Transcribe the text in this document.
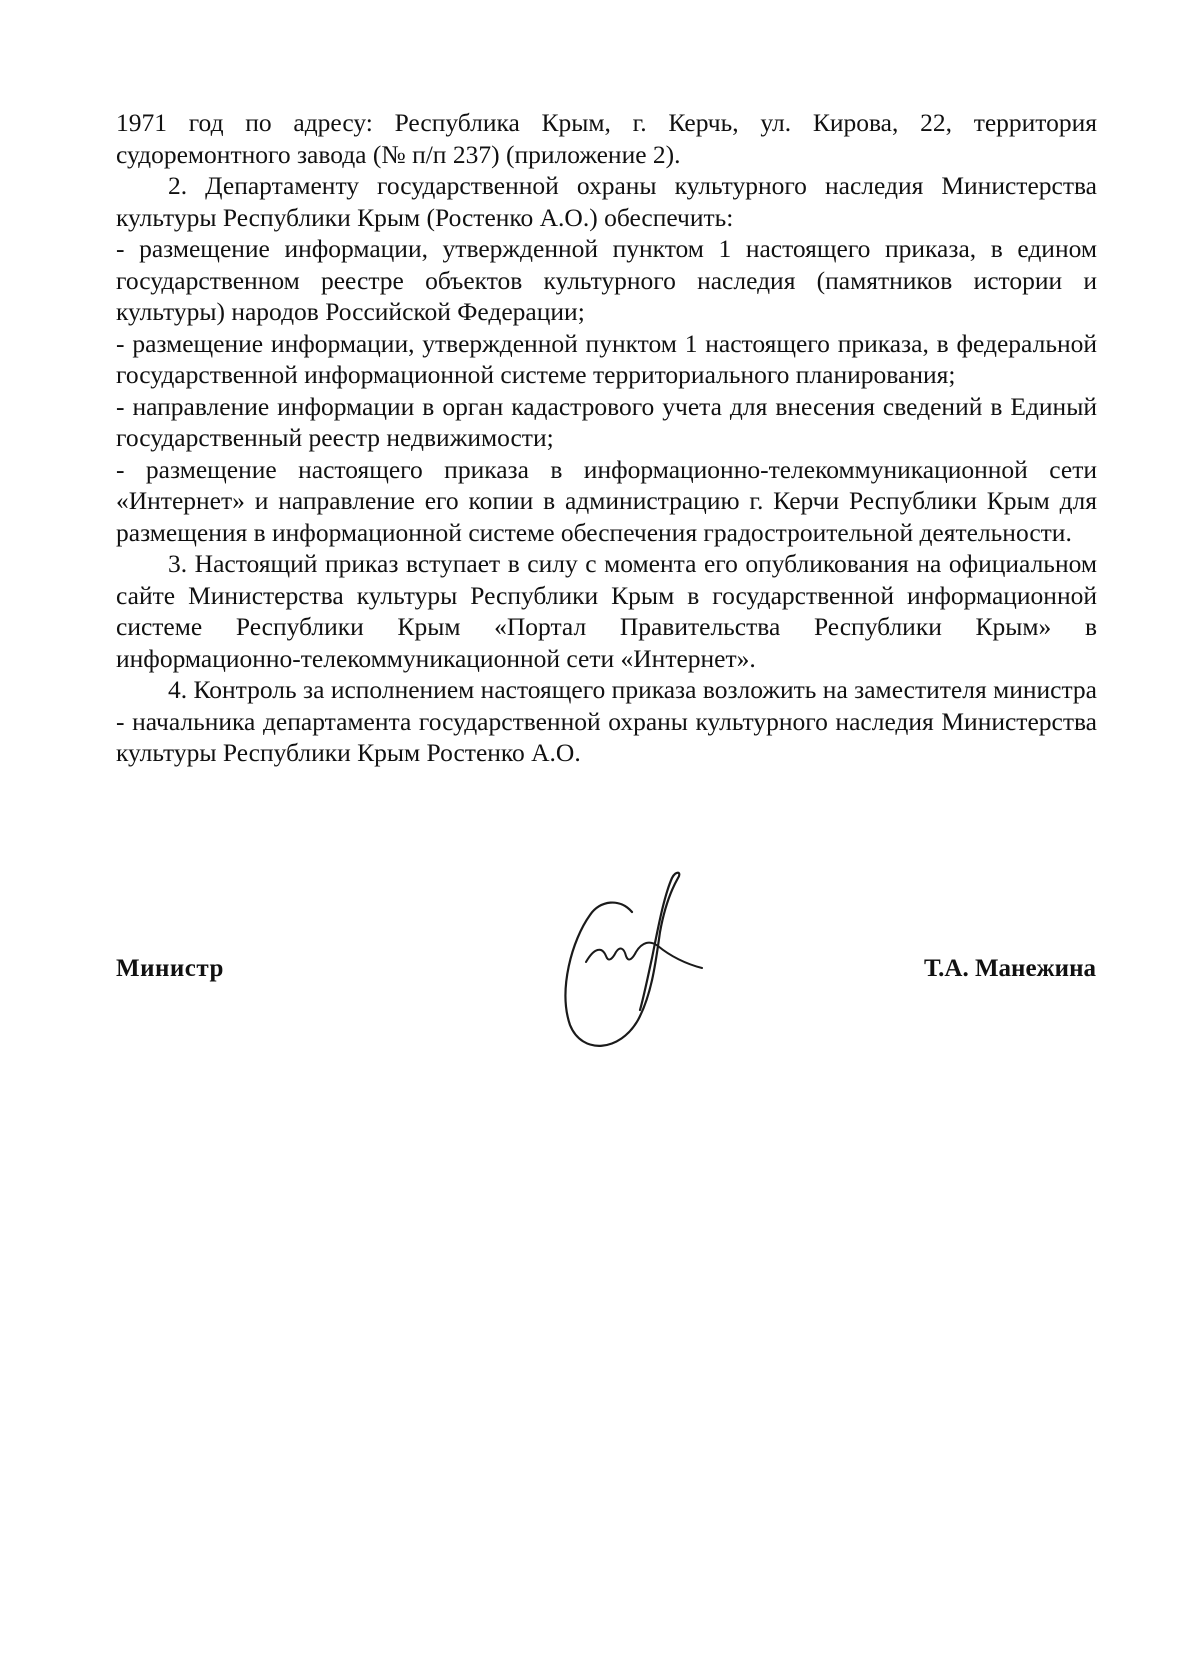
1971 год по адресу: Республика Крым, г. Керчь, ул. Кирова, 22, территория судоремонтного завода (№ п/п 237) (приложение 2).

2. Департаменту государственной охраны культурного наследия Министерства культуры Республики Крым (Ростенко А.О.) обеспечить:

- размещение информации, утвержденной пунктом 1 настоящего приказа, в едином государственном реестре объектов культурного наследия (памятников истории и культуры) народов Российской Федерации;

- размещение информации, утвержденной пунктом 1 настоящего приказа, в федеральной государственной информационной системе территориального планирования;

- направление информации в орган кадастрового учета для внесения сведений в Единый государственный реестр недвижимости;

- размещение настоящего приказа в информационно-телекоммуникационной сети «Интернет» и направление его копии в администрацию г. Керчи Республики Крым для размещения в информационной системе обеспечения градостроительной деятельности.

3. Настоящий приказ вступает в силу с момента его опубликования на официальном сайте Министерства культуры Республики Крым в государственной информационной системе Республики Крым «Портал Правительства Республики Крым» в информационно-телекоммуникационной сети «Интернет».

4. Контроль за исполнением настоящего приказа возложить на заместителя министра - начальника департамента государственной охраны культурного наследия Министерства культуры Республики Крым Ростенко А.О.

Министр	Т.А. Манежина
